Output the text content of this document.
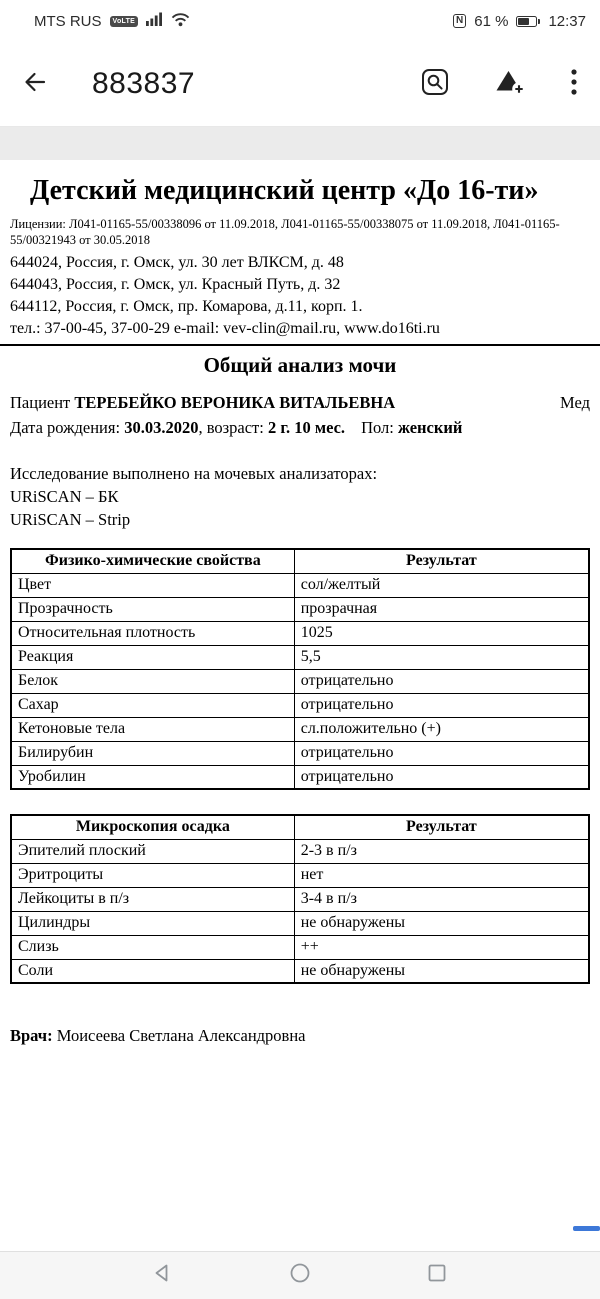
MTS RUS	VoLTE	N 61 %	12:37
883837
Детский медицинский центр «До 16-ти»
Лицензии: Л041-01165-55/00338096 от 11.09.2018, Л041-01165-55/00338075 от 11.09.2018, Л041-01165-55/00321943 от 30.05.2018
644024, Россия, г. Омск, ул. 30 лет ВЛКСМ, д. 48
644043, Россия, г. Омск, ул. Красный Путь, д. 32
644112, Россия, г. Омск, пр. Комарова, д.11, корп. 1.
тел.: 37-00-45, 37-00-29 e-mail: vev-clin@mail.ru, www.do16ti.ru
Общий анализ мочи
Пациент ТЕРЕБЕЙКО ВЕРОНИКА ВИТАЛЬЕВНА	Мед
Дата рождения: 30.03.2020, возраст: 2 г. 10 мес. Пол: женский
Исследование выполнено на мочевых анализаторах:
URiSCAN – БК
URiSCAN – Strip
Физико-химические свойства	Результат
Цвет	сол/желтый
Прозрачность	прозрачная
Относительная плотность	1025
Реакция	5,5
Белок	отрицательно
Сахар	отрицательно
Кетоновые тела	сл.положительно (+)
Билирубин	отрицательно
Уробилин	отрицательно
Микроскопия осадка	Результат
Эпителий плоский	2-3 в п/з
Эритроциты	нет
Лейкоциты в п/з	3-4 в п/з
Цилиндры	не обнаружены
Слизь	++
Соли	не обнаружены
Врач: Моисеева Светлана Александровна
